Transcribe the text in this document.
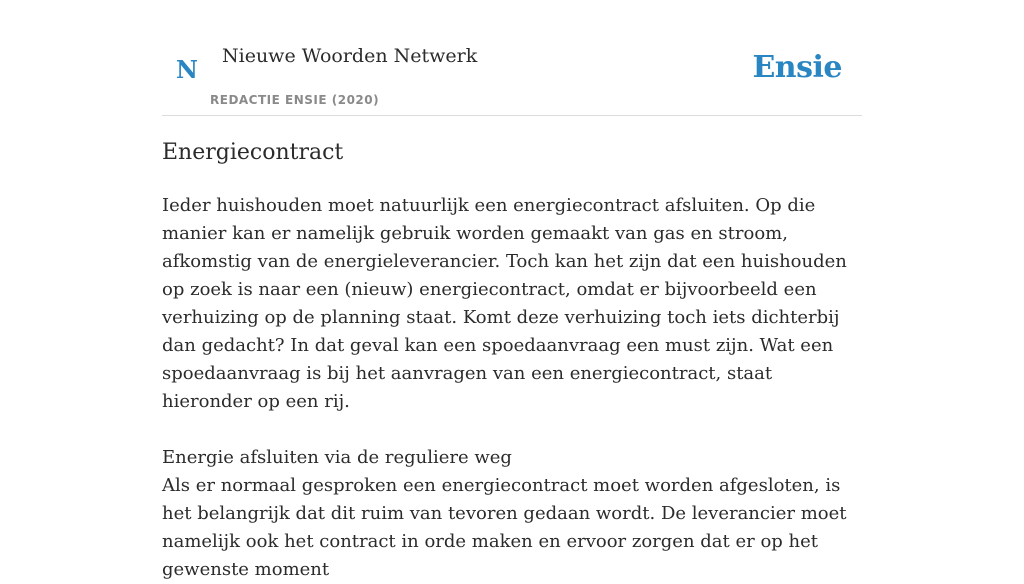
N Nieuwe Woorden Netwerk
REDACTIE ENSIE (2020)
Ensie
Energiecontract

Ieder huishouden moet natuurlijk een energiecontract afsluiten. Op die manier kan er namelijk gebruik worden gemaakt van gas en stroom, afkomstig van de energieleverancier. Toch kan het zijn dat een huishouden op zoek is naar een (nieuw) energiecontract, omdat er bijvoorbeeld een verhuizing op de planning staat. Komt deze verhuizing toch iets dichterbij dan gedacht? In dat geval kan een spoedaanvraag een must zijn. Wat een spoedaanvraag is bij het aanvragen van een energiecontract, staat hieronder op een rij.

Energie afsluiten via de reguliere weg

Als er normaal gesproken een energiecontract moet worden afgesloten, is het belangrijk dat dit ruim van tevoren gedaan wordt. De leverancier moet namelijk ook het contract in orde maken en ervoor zorgen dat er op het gewenste moment
